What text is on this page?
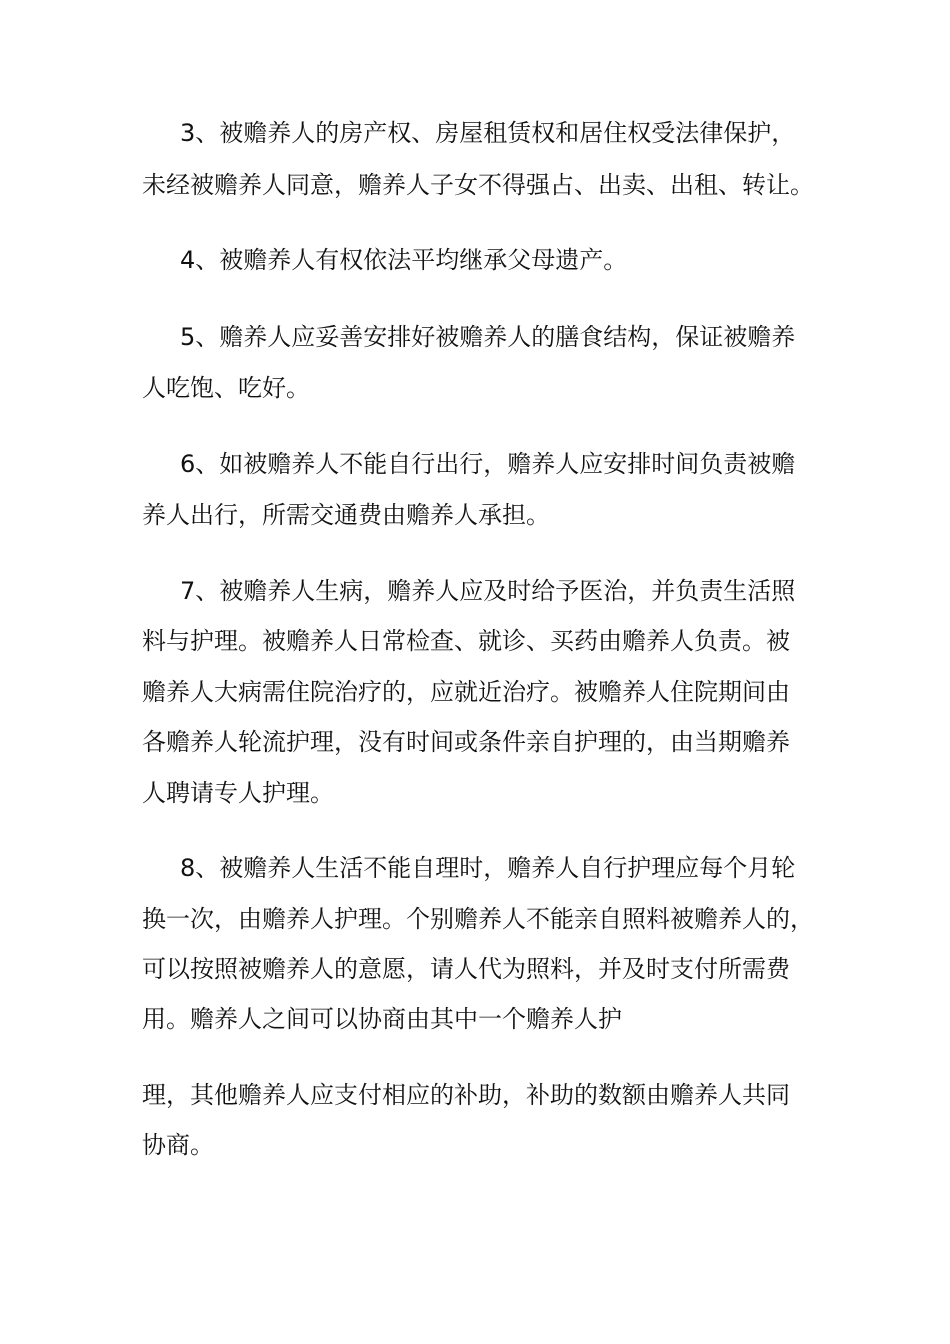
3、被赡养人的房产权、房屋租赁权和居住权受法律保护，

未经被赡养人同意，赡养人子女不得强占、出卖、出租、转让。

4、被赡养人有权依法平均继承父母遗产。

5、赡养人应妥善安排好被赡养人的膳食结构，保证被赡养

人吃饱、吃好。

6、如被赡养人不能自行出行，赡养人应安排时间负责被赡

养人出行，所需交通费由赡养人承担。

7、被赡养人生病，赡养人应及时给予医治，并负责生活照

料与护理。被赡养人日常检查、就诊、买药由赡养人负责。被

赡养人大病需住院治疗的，应就近治疗。被赡养人住院期间由

各赡养人轮流护理，没有时间或条件亲自护理的，由当期赡养

人聘请专人护理。

8、被赡养人生活不能自理时，赡养人自行护理应每个月轮

换一次，由赡养人护理。个别赡养人不能亲自照料被赡养人的，

可以按照被赡养人的意愿，请人代为照料，并及时支付所需费

用。赡养人之间可以协商由其中一个赡养人护

理，其他赡养人应支付相应的补助，补助的数额由赡养人共同

协商。
